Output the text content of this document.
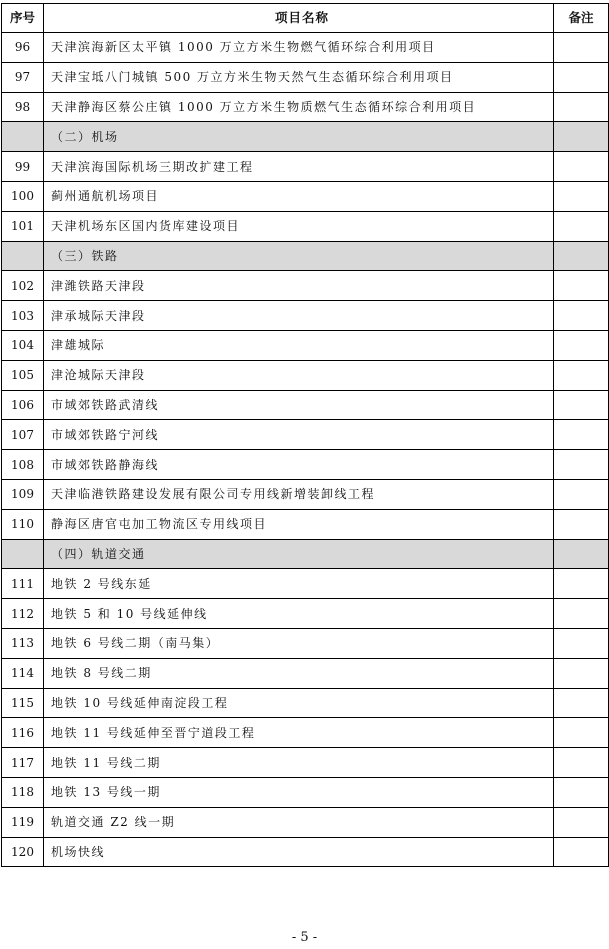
序号	项目名称	备注
96	天津滨海新区太平镇 1000 万立方米生物燃气循环综合利用项目	
97	天津宝坻八门城镇 500 万立方米生物天然气生态循环综合利用项目	
98	天津静海区蔡公庄镇 1000 万立方米生物质燃气生态循环综合利用项目	
	（二）机场	
99	天津滨海国际机场三期改扩建工程	
100	蓟州通航机场项目	
101	天津机场东区国内货库建设项目	
	（三）铁路	
102	津潍铁路天津段	
103	津承城际天津段	
104	津雄城际	
105	津沧城际天津段	
106	市域郊铁路武清线	
107	市域郊铁路宁河线	
108	市域郊铁路静海线	
109	天津临港铁路建设发展有限公司专用线新增装卸线工程	
110	静海区唐官屯加工物流区专用线项目	
	（四）轨道交通	
111	地铁 2 号线东延	
112	地铁 5 和 10 号线延伸线	
113	地铁 6 号线二期（南马集）	
114	地铁 8 号线二期	
115	地铁 10 号线延伸南淀段工程	
116	地铁 11 号线延伸至晋宁道段工程	
117	地铁 11 号线二期	
118	地铁 13 号线一期	
119	轨道交通 Z2 线一期	
120	机场快线	
- 5 -
